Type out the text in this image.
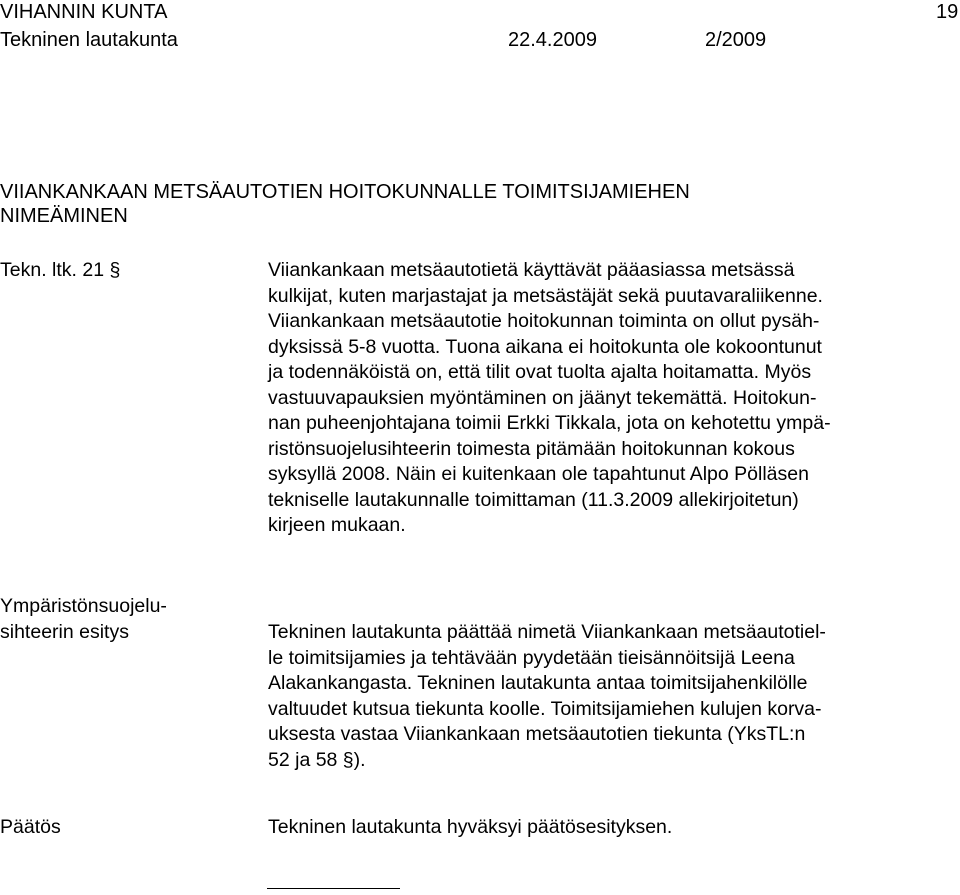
VIHANNIN KUNTA	19
Tekninen lautakunta	22.4.2009	2/2009
VIIANKANKAAN METSÄAUTOTIEN HOITOKUNNALLE TOIMITSIJAMIEHEN
NIMEÄMINEN
Tekn. ltk. 21 §	Viiankankaan metsäautotietä käyttävät pääasiassa metsässä
kulkijat, kuten marjastajat ja metsästäjät sekä puutavaraliikenne.
Viiankankaan metsäautotie hoitokunnan toiminta on ollut pysäh-
dyksissä 5-8 vuotta. Tuona aikana ei hoitokunta ole kokoontunut
ja todennäköistä on, että tilit ovat tuolta ajalta hoitamatta. Myös
vastuuvapauksien myöntäminen on jäänyt tekemättä. Hoitokun-
nan puheenjohtajana toimii Erkki Tikkala, jota on kehotettu ympä-
ristönsuojelusihteerin toimesta pitämään hoitokunnan kokous
syksyllä 2008. Näin ei kuitenkaan ole tapahtunut Alpo Pölläsen
tekniselle lautakunnalle toimittaman (11.3.2009 allekirjoitetun)
kirjeen mukaan.
Ympäristönsuojelu-
sihteerin esitys	Tekninen lautakunta päättää nimetä Viiankankaan metsäautotiel-
le toimitsijamies ja tehtävään pyydetään tieisännöitsijä Leena
Alakankangasta. Tekninen lautakunta antaa toimitsijahenkilölle
valtuudet kutsua tiekunta koolle. Toimitsijamiehen kulujen korva-
uksesta vastaa Viiankankaan metsäautotien tiekunta (YksTL:n
52 ja 58 §).
Päätös	Tekninen lautakunta hyväksyi päätösesityksen.
